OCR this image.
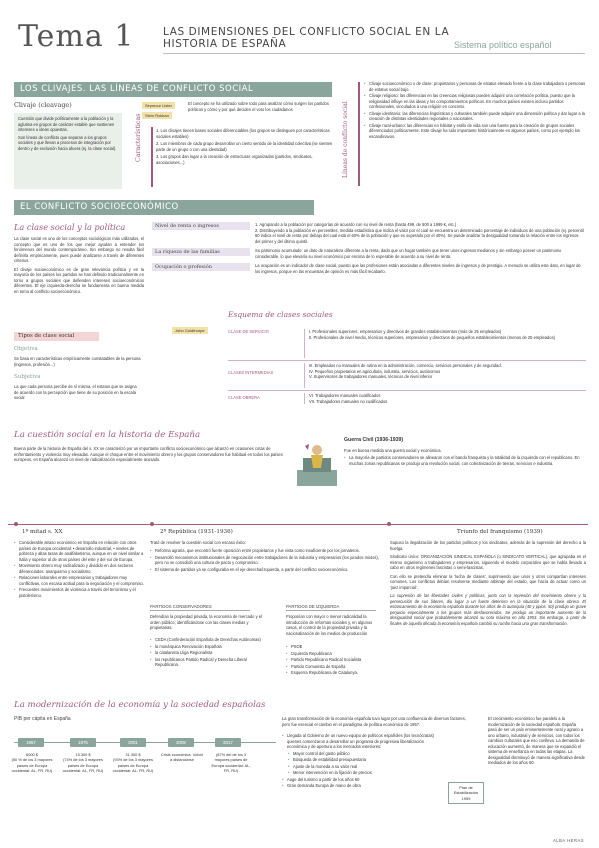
Tema 1	LAS DIMENSIONES DEL CONFLICTO SOCIAL EN LA
HISTORIA DE ESPAÑA	Sistema político español
LOS CLIVAJES. LAS LÍNEAS DE CONFLICTO SOCIAL
Clivaje (cleavage)

Cuestión que divide políticamente a la población y la aglutina en grupos de carácter estable que sostienen intereses u ideas opuestas.

Son líneas de conflicto que separan a los grupos sociales y que llevan a procesos de integración por dentro y de exclusión hacia afuera (ej. la clase social).

Seymour Lister
Stein Rokkan
El concepto se ha utilizado sobre todo para analizar cómo surgen los partidos políticos y cómo y por qué deciden el voto los ciudadanos
Características	1. Los clivajes tienen bases sociales diferenciables (los grupos se distinguen por características sociales estables)

2. Los miembros de cada grupo desarrollan un cierto sentido de la identidad colectiva (se sienten parte de un grupo o con una identidad)

3. Los grupos dan lugar a la creación de estructuras organizadas (partidos, sindicatos, asociaciones...)	Líneas de conflicto social
• Clivaje socioeconómico o de clase: propietarios y personas de estatus elevado frente a la clase trabajadora o personas de estatus social bajo.
• Clivaje religioso: las diferencias en las creencias religiosas pueden adquirir una correlación política, puesto que la religiosidad influye en las ideas y los comportamientos políticos. En muchos países existen incluso partidos confesionales, vinculados a una religión en concreto.
• Clivaje identitario: las diferencias lingüísticas y culturales también puede adquirir una dimensión política y dar lugar a la creación de distintas identidades regionales o nacionales.
• Clivaje rural-urbano: las diferencias en hábitat y estilo de vida son una fuente para la creación de grupos sociales diferenciados políticamente. Este clivaje ha sido importante históricamente en algunos países, como por ejemplo los escandinavos.
EL CONFLICTO SOCIOECONÓMICO
La clase social y la política

La clase social es uno de los conceptos sociológicos más utilizados, el concepto que es uno de los que mejor ayudan a entender los fenómenos del mundo contemporáneo. Sin embargo no resulta fácil definirla empíricamente, pues puede analizarse a través de diferentes criterios.

El clivaje socioeconómico es de gran relevancia política y en la mayoría de los países los partidos se han definido tradicionalmente en torno a grupos sociales que defienden intereses socioeconómicos diferentes. El eje izquierda-derecha se fundamenta en buena medida en torno al conflicto socioeconómico.

Nivel de renta o ingresos	1. Agrupando a la población por categorías de acuerdo con su nivel de renta (hasta 499, de 500 a 1999 €, etc.)
2. Distribuyendo a la población en percentiles, medida estadística que indica el valor por el cual se encuentra un determinado porcentaje de individuos de una población (ej. percentil 60 indica el nivel de renta por debajo del cual está el 60% de la población y que es superado por el 40%). Se puede analizar la desigualdad tomando la relación entre los ingresos del primer y del último quintil.
La riqueza de las familias	Su patrimonio acumulado: un dato de naturaleza diferente a la renta, dado que un hogar también que tener unos ingresos medianos y sin embargo poseer un patrimonio considerable, lo que elevaría su nivel económico por encima de lo esperable de acuerdo a su nivel de renta.
Ocupación o profesión	La ocupación es un indicador de clase social, puesto que las profesiones están asociadas a diferentes niveles de ingresos y de prestigio. A menudo se utiliza este dato, en lugar de los ingresos, porque en las encuestas de opinión es más fácil recabarlo.
Esquema de clases sociales
John Goldthorpe
Tipos de clase social
Objetiva
Se basa en características empíricamente constatables de la persona (ingresos, profesión...)
Subjetiva
La que cada persona percibe de sí misma, el estatus que se asigna de acuerdo con la percepción que tiene de su posición en la escala social
CLASE DE SERVICIO	I. Profesionales superiores, empresarios y directivos de grandes establecimientos (más de 25 empleados)

II. Profesionales de nivel medio, técnicos superiores, empresarios y directivos de pequeños establecimientos (menos de 25 empleados)

CLASES INTERMEDIAS

III. Empleados no manuales de rutina en la administración, comercio, servicios personales y de seguridad.

IV. Pequeños propietarios en agricultura, industria, servicios, autónomos

V. Supervisores de trabajadores manuales, técnicos de nivel inferior

CLASE OBRERA	VI. Trabajadores manuales cualificados

VII. Trabajadores manuales no cualificados

La cuestión social en la historia de España
Buena parte de la historia de España del s. XX se caracterizó por un importante conflicto socioeconómico que alcanzó en ocasiones cotas de enfrentamiento y violencia muy elevadas. Aunque el choque entre el movimiento obrero y los grupos conservadores fue habitual en todos los países europeos, en España alcanzó un nivel de radicalización especialmente acusado.
Guerra Civil (1936-1939)
Fue en buena medida una guerra social y económica.
• La mayoría de partidos conservadores se alinearon con el bando franquista y la totalidad de la izquierda con el republicano. En muchas zonas republicanas se produjo una revolución social, con colectivización de tierras, servicios e industria.
1ª mitad s. XX
• Considerable atraso económico en España en relación con otros países de Europa occidental: • desarrollo industrial, • niveles de pobreza y altas tasas de analfabetismo, aunque en un nivel similar a Italia y superior al de otros países del este y del sur de Europa.
• Movimiento obrero muy radicalizado y dividido en dos sectores diferenciados: anarquismo y socialismo.
• Relaciones laborales entre empresarios y trabajadores muy conflictivas, con escasa actitud para la negociación y el compromiso.
• Frecuentes movimientos de violencia a través del terrorismo y el pistolerismo.
2ª República (1931-1936)
Trató de resolver la cuestión social con escaso éxito:
• Reforma agraria, que encontró fuerte oposición entre propietarios y fue vista como insuficiente por los jornaleros.
• Desarrolló mecanismos institucionales de negociación entre trabajadores de la industria y empresarios (los jurados mixtos), pero no se consolidó una cultura de pacto y compromiso.
• El sistema de partidos ya se configuraba en el eje derecha/izquierda, a partir del conflicto socioeconómico.
PARTIDOS CONSERVADORES
Defendían la propiedad privada, la economía de mercado y el orden público; identificándose con las clases medias y propietarias.
• CEDA (Confederación Española de Derechas Autónomas)
• la monárquica Renovación Española
• la catalanista Lliga Regionalista
• los republicanos Partido Radical y Derecha Liberal Republicana.
PARTIDOS DE IZQUIERDA
Proponían con mayor o menor radicalidad la introducción de reformas sociales y, en algunos casos, el control de la propiedad privada y la nacionalización de los medios de producción
• PSOE
• Izquierda Republicana
• Partido Republicano Radical Socialista
• Partido Comunista de España
• Esquerra Republicana de Catalunya.
Triunfo del franquismo (1939)

Supuso la ilegalización de los partidos políticos y los sindicatos, además de la supresión del derecho a la huelga.

Sindicato único: ORGANIZACIÓN SINDICAL ESPAÑOLA (o SINDICATO VERTICAL), que agrupaba en el mismo organismo a trabajadores y empresarios, siguiendo el modelo corporativo que se había llevado a cabo en otros regímenes fascistas o semi-fascistas.

Con ello se pretendía eliminar la 'lucha de clases', suprimiendo que unos y otros compartían intereses comunes. Los conflictos debían resolverse mediante arbitraje del estado, que hacía de actuar como un 'juez imparcial'.

La supresión de las libertades civiles y políticas, junto con la represión del movimiento obrero y la persecución de sus líderes, dio lugar a un fuerte deterioro en la situación de la clase obrera. El estancamiento de la economía española durante los años de la autarquía (40 y ppios. 50) produjo un grave perjuicio especialmente a los grupos más desfavorecidos. Se produjo un importante aumento de la desigualdad social que probablemente alcanzó su cota máxima en año 1953. Sin embargo, a partir de finales de aquella década la economía española cambió su rumbo hacia una gran transformación.

La modernización de la economía y la sociedad españolas
PIB per cápita en España
1957	1975	2001	2008	2017
6000 $
(50 % de los 3 mayores países de Europa occidental: AL, FR, RU)
15.300 $
(74% de los 3 mayores países de Europa occidental: AL, FR, RU)
31.300 $
(93% de los 3 mayores países de Europa occidental: AL, FR, RU)
Crisis económica. Volvió a distanciarse
(87% del de los 3 mayores países de Europa occidental: AL, FR, RU)
La gran transformación de la economía española tuvo lugar por una confluencia de diversos factores, pero fue esencial el cambio en el paradigma de política económica de 1957.
• Llegada al Gobierno de un nuevo equipo de políticos españoles (los tecnócratas) quienes comenzaron a desarrollar un programa de progresiva liberalización económica y de apertura a los mercados exteriores:
• Mayor control del gasto público
• Búsqueda de estabilidad presupuestaria
• Ajuste de la moneda a su valor real
• Menor intervención en la fijación de precios
• Auge del turismo a partir de los años 60
• Gran demanda Europa de mano de obra	Plan de Estabilización 1959
El crecimiento económico fue paralelo a la modernización de la sociedad española. España pasó de ser un país eminentemente rural y agrario a uno urbano, industrial y de servicios, con todos los cambios culturales que eso conlleva. La demanda de educación aumentó, de manera que se expandió el sistema de enseñanza en todas las etapas. La desigualdad disminuyó de manera significativa desde mediados de los años 50.
ALBA HERAS
